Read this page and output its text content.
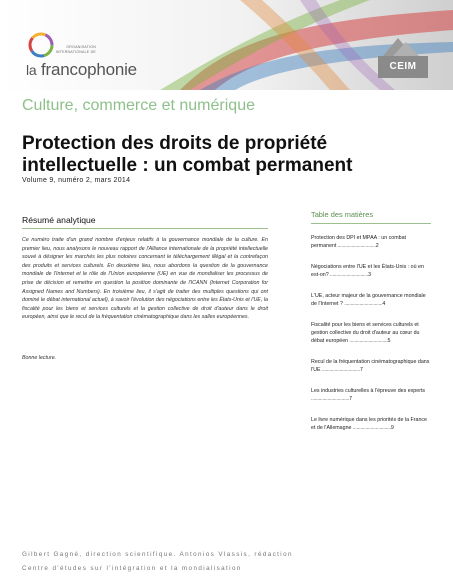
ORGANISATION INTERNATIONALE DE
la francophonie	CEIM
Culture, commerce et numérique
Protection des droits de propriété intellectuelle : un combat permanent
Volume 9, numéro 2, mars 2014
Résumé analytique

Ce numéro traite d'un grand nombre d'enjeux relatifs à la gouvernance mondiale de la culture. En premier lieu, nous analysons le nouveau rapport de l'Alliance internationale de la propriété intellectuelle souvé à désigner les marchés les plus notoires concernant le téléchargement illégal et la contrefaçon des produits et services culturels. En deuxième lieu, nous abordons la question de la gouvernance mondiale de l'Internet et le rôle de l'Union européenne (UE) en vue de mondialiser les processus de prise de décision et remettre en question la position dominante de l'ICANN (Internet Corporation for Assigned Names and Numbers). En troisième lieu, il s'agit de traiter des multiples questions qui ont dominé le débat international actuel), à savoir l'évolution des négociations entre les États-Unis et l'UE, la fiscalité pour les biens et services culturels et la gestion collective de droit d'auteur dans le droit européen, ainsi que le recul de la fréquentation cinématographique dans les salles européennes.

Bonne lecture.

Table des matières
Protection des DPI et MPAA : un combat permanent ..............................2
Négociations entre l'UE et les États-Unis : où en est-on? ..............................3
L'UE, acteur majeur de la gouvernance mondiale de l'Internet ? ..............................4
Fiscalité pour les biens et services culturels et gestion collective du droit d'auteur au cœur du débat européen ..............................5
Recul de la fréquentation cinématographique dans l'UE ..............................7
Les industries culturelles à l'épreuve des experts ..............................7
Le livre numérique dans les priorités de la France et de l'Allemagne ..............................9
Gilbert Gagné, direction scientifique. Antonios Vlassis, rédaction
Centre d'études sur l'intégration et la mondialisation
